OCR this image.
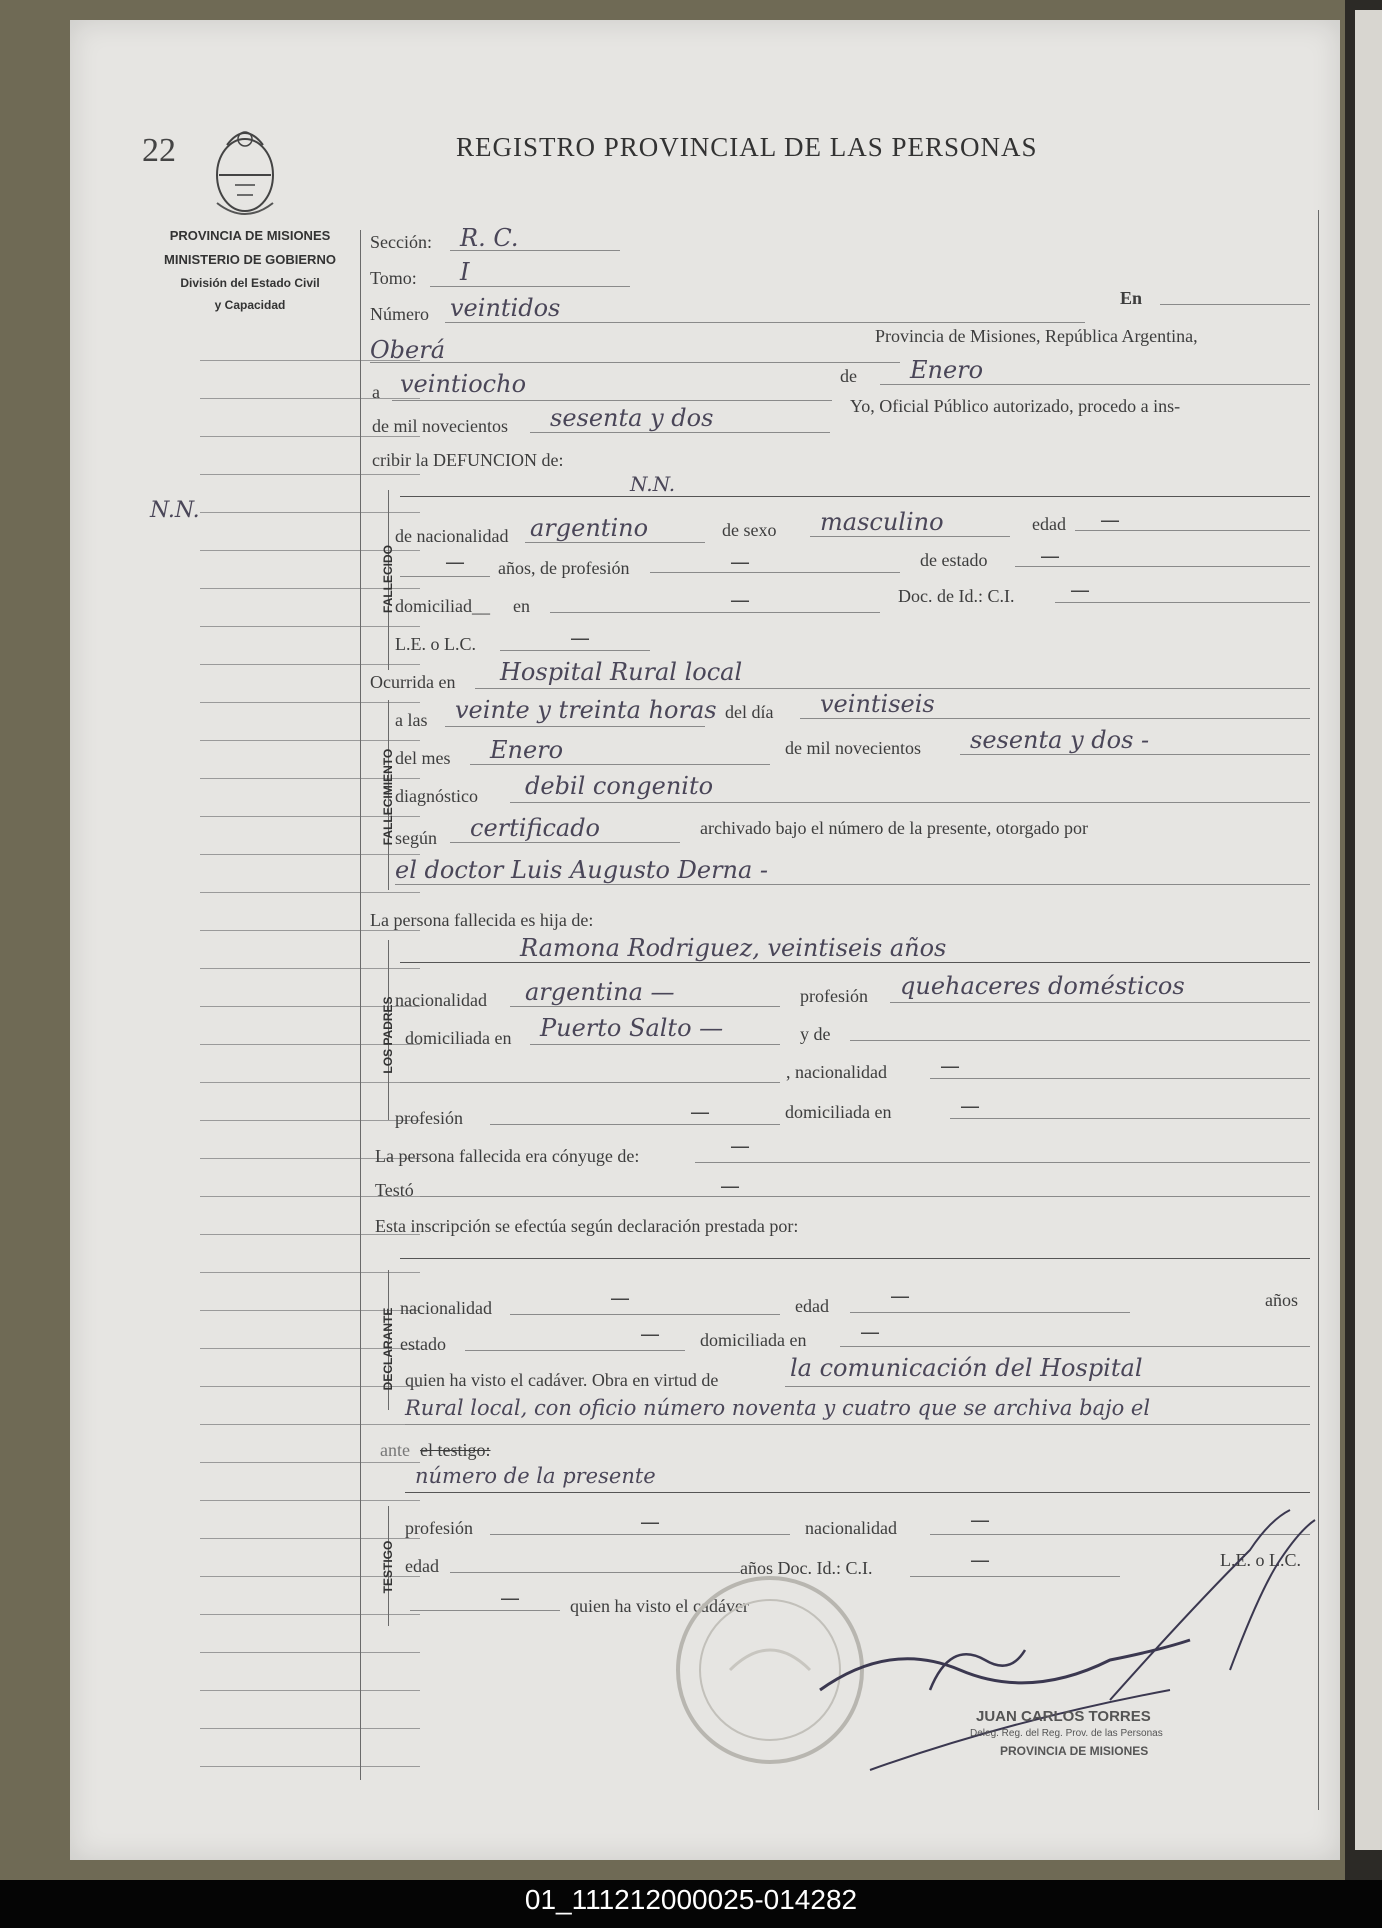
22	REGISTRO PROVINCIAL DE LAS PERSONAS
PROVINCIA DE MISIONES
MINISTERIO DE GOBIERNO
División del Estado Civil
y Capacidad
N.N.
Sección: R. C.
Tomo: I
Número veintidos	En
Oberá	Provincia de Misiones, República Argentina,
a veintiocho	de Enero
de mil novecientos sesenta y dos	Yo, Oficial Público autorizado, procedo a ins-
cribir la DEFUNCION de:
FALLECIDO
N.N.
de nacionalidad argentino	de sexo masculino	edad —
— años, de profesión	—	de estado	—
domiciliad__ en	—	Doc. de Id.: C.I.	—
L.E. o L.C.	—
Ocurrida en Hospital Rural local
FALLECIMIENTO
a las veinte y treinta horas del día veintiseis
del mes Enero	de mil novecientos sesenta y dos -
diagnóstico debil congenito
según certificado	archivado bajo el número de la presente, otorgado por
el doctor Luis Augusto Derna -
La persona fallecida es hija de:
LOS PADRES
Ramona Rodriguez, veintiseis años
nacionalidad argentina —	profesión quehaceres domésticos
domiciliada en Puerto Salto —	y de
, nacionalidad	—
profesión	—	domiciliada en	—
La persona fallecida era cónyuge de:	—
Testó	—
Esta inscripción se efectúa según declaración prestada por:
DECLARANTE nacionalidad	—	edad	—	años
estado	— domiciliada en	—
quien ha visto el cadáver. Obra en virtud de	la comunicación del Hospital
Rural local, con oficio número noventa y cuatro que se archiva bajo el
ante el testigo:
número de la presente
TESTIGO
profesión	—	nacionalidad	—
edad	años Doc. Id.: C.I.	—	L.E. o L.C.
—	quien ha visto el cadáver
JUAN CARLOS TORRES
Deleg. Reg. del Reg. Prov. de las Personas
PROVINCIA DE MISIONES
01_111212000025-014282
